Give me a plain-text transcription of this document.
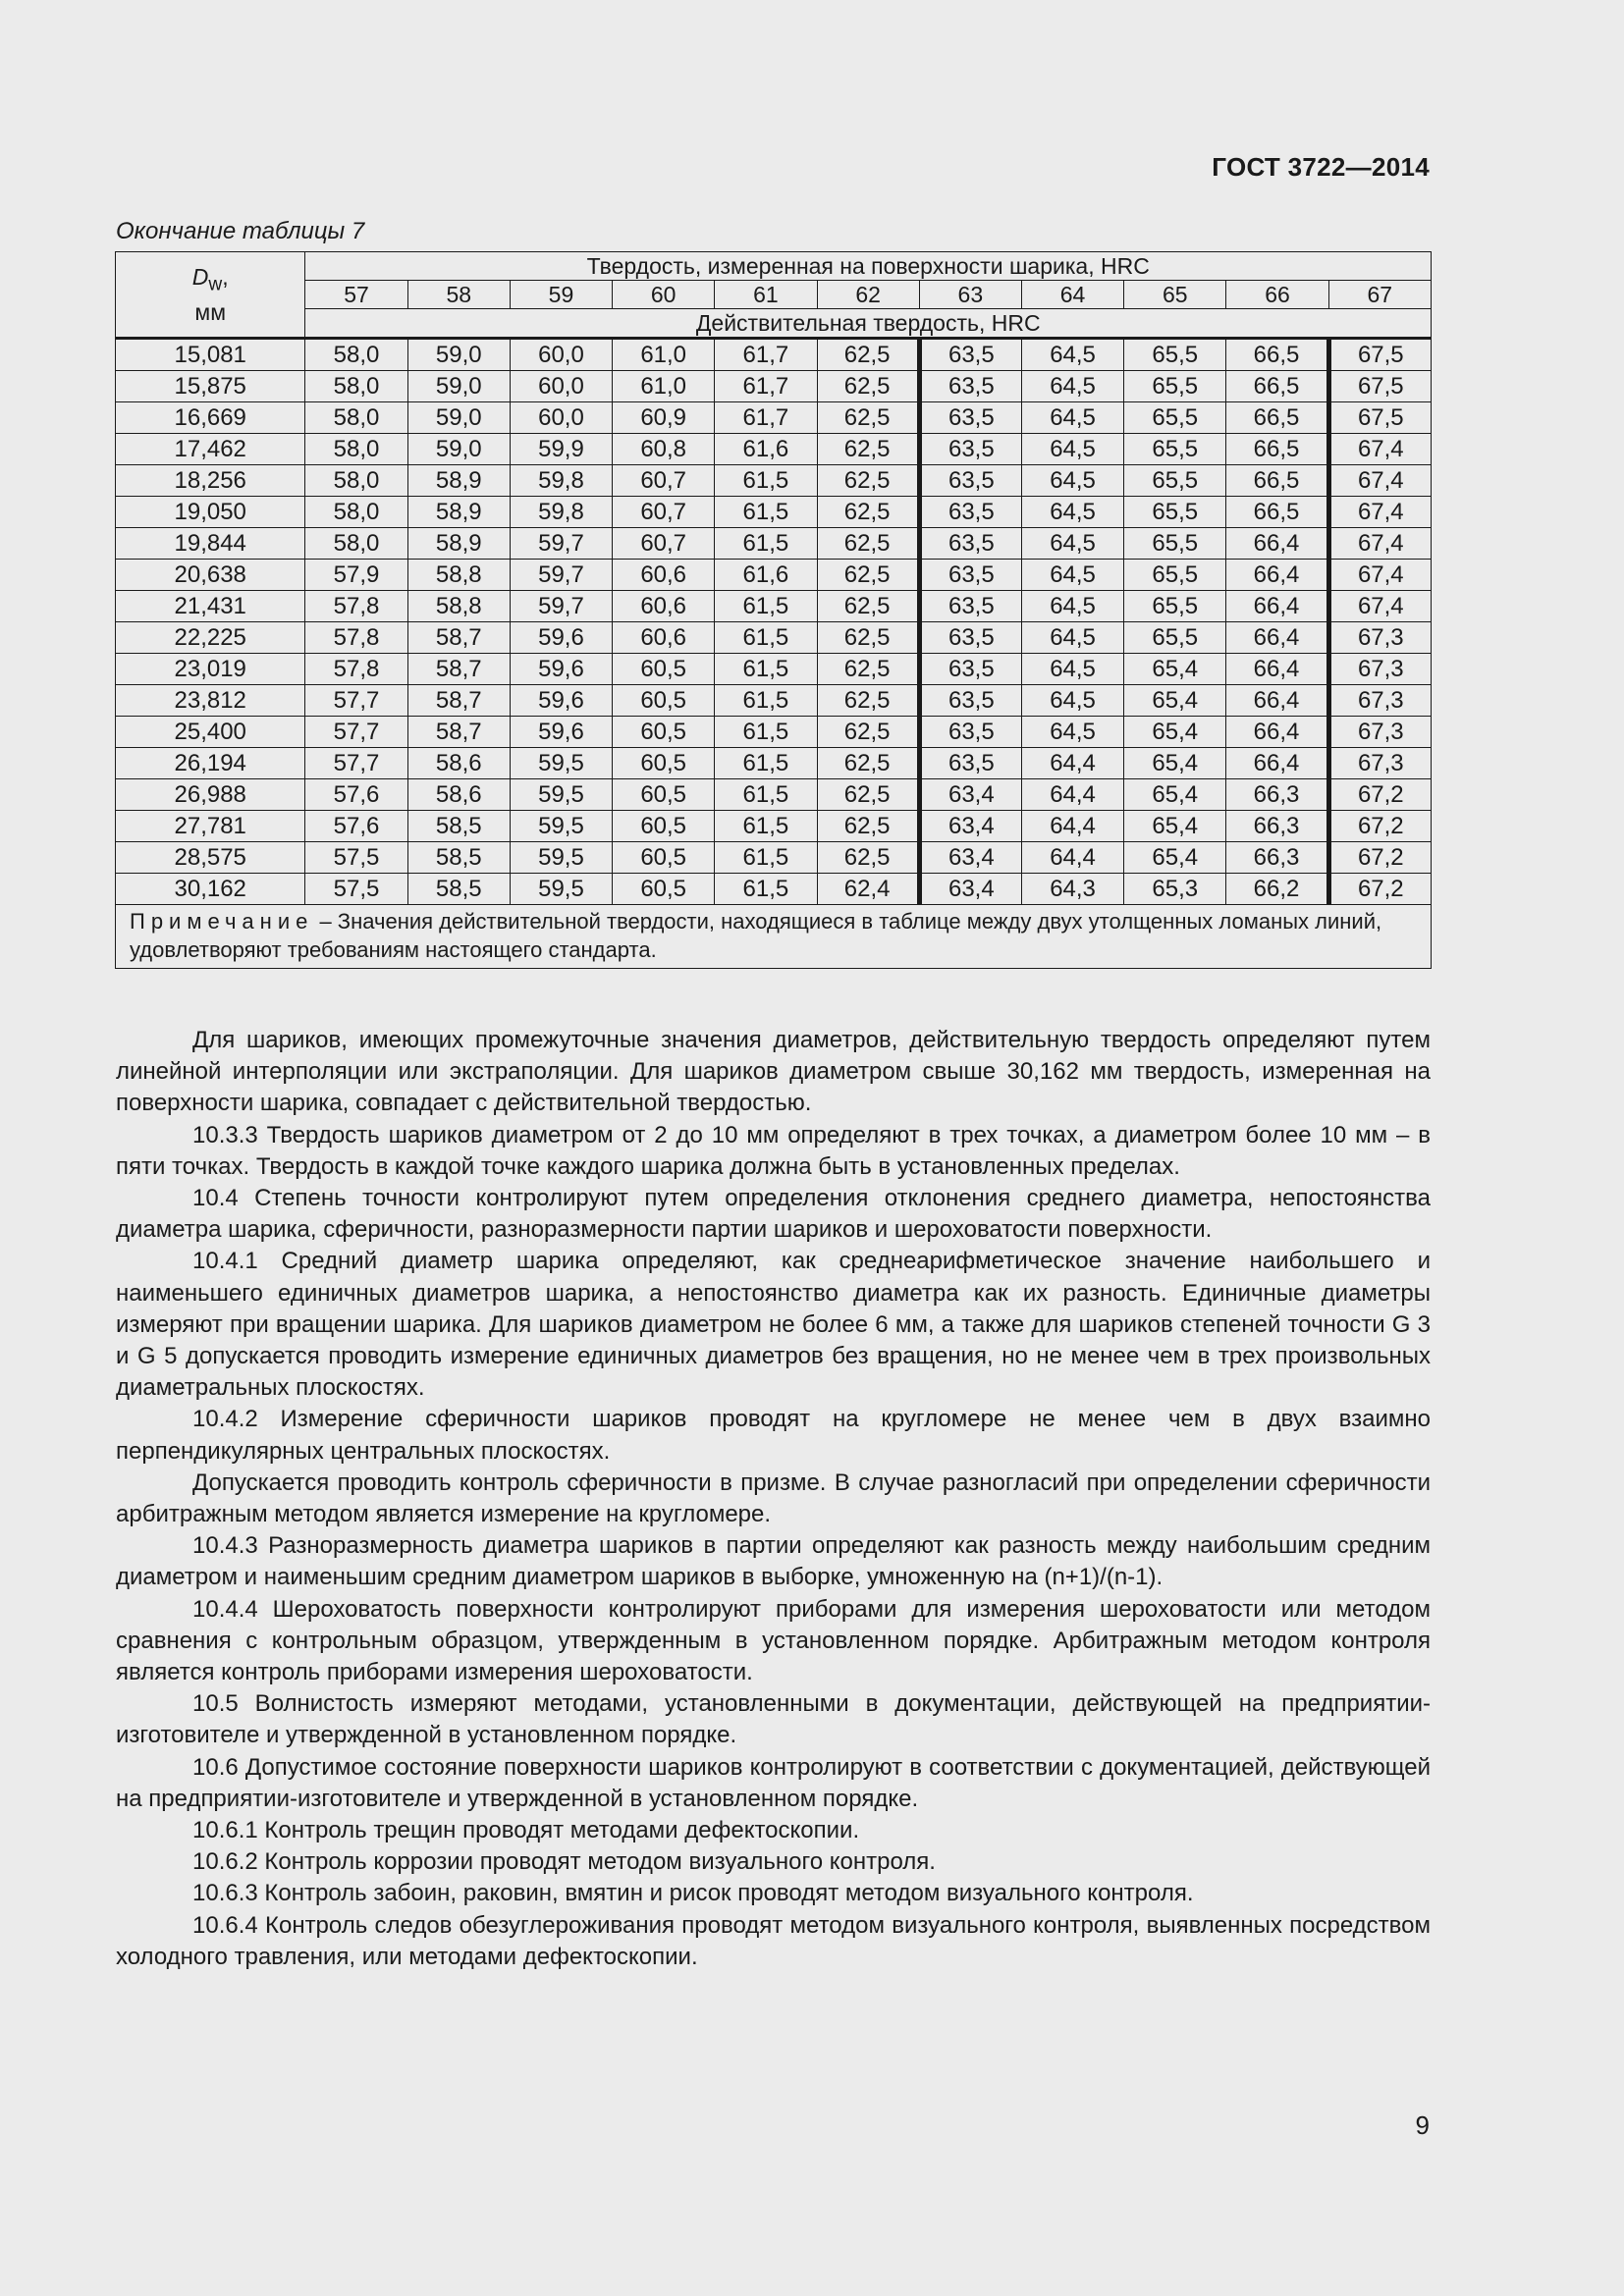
ГОСТ 3722—2014
Окончание таблицы 7
$D_w$,
мм	Твердость, измеренная на поверхности шарика, HRC										
	57	58	59	60	61	62	63	64	65	66	67
	Действительная твердость, HRC										
15,081	58,0	59,0	60,0	61,0	61,7	62,5	63,5	64,5	65,5	66,5	67,5
15,875	58,0	59,0	60,0	61,0	61,7	62,5	63,5	64,5	65,5	66,5	67,5
16,669	58,0	59,0	60,0	60,9	61,7	62,5	63,5	64,5	65,5	66,5	67,5
17,462	58,0	59,0	59,9	60,8	61,6	62,5	63,5	64,5	65,5	66,5	67,4
18,256	58,0	58,9	59,8	60,7	61,5	62,5	63,5	64,5	65,5	66,5	67,4
19,050	58,0	58,9	59,8	60,7	61,5	62,5	63,5	64,5	65,5	66,5	67,4
19,844	58,0	58,9	59,7	60,7	61,5	62,5	63,5	64,5	65,5	66,4	67,4
20,638	57,9	58,8	59,7	60,6	61,6	62,5	63,5	64,5	65,5	66,4	67,4
21,431	57,8	58,8	59,7	60,6	61,5	62,5	63,5	64,5	65,5	66,4	67,4
22,225	57,8	58,7	59,6	60,6	61,5	62,5	63,5	64,5	65,5	66,4	67,3
23,019	57,8	58,7	59,6	60,5	61,5	62,5	63,5	64,5	65,4	66,4	67,3
23,812	57,7	58,7	59,6	60,5	61,5	62,5	63,5	64,5	65,4	66,4	67,3
25,400	57,7	58,7	59,6	60,5	61,5	62,5	63,5	64,5	65,4	66,4	67,3
26,194	57,7	58,6	59,5	60,5	61,5	62,5	63,5	64,4	65,4	66,4	67,3
26,988	57,6	58,6	59,5	60,5	61,5	62,5	63,4	64,4	65,4	66,3	67,2
27,781	57,6	58,5	59,5	60,5	61,5	62,5	63,4	64,4	65,4	66,3	67,2
28,575	57,5	58,5	59,5	60,5	61,5	62,5	63,4	64,4	65,4	66,3	67,2
30,162	57,5	58,5	59,5	60,5	61,5	62,4	63,4	64,3	65,3	66,2	67,2
Примечание – Значения действительной твердости, находящиеся в таблице между двух утолщенных ломаных линий, удовлетворяют требованиям настоящего стандарта.											

Для шариков, имеющих промежуточные значения диаметров, действительную твердость определяют путем линейной интерполяции или экстраполяции. Для шариков диаметром свыше 30,162 мм твердость, измеренная на поверхности шарика, совпадает с действительной твердостью.

10.3.3 Твердость шариков диаметром от 2 до 10 мм определяют в трех точках, а диаметром более 10 мм – в пяти точках. Твердость в каждой точке каждого шарика должна быть в установленных пределах.

10.4 Степень точности контролируют путем определения отклонения среднего диаметра, непостоянства диаметра шарика, сферичности, разноразмерности партии шариков и шероховатости поверхности.

10.4.1 Средний диаметр шарика определяют, как среднеарифметическое значение наибольшего и наименьшего единичных диаметров шарика, а непостоянство диаметра как их разность. Единичные диаметры измеряют при вращении шарика. Для шариков диаметром не более 6 мм, а также для шариков степеней точности G 3 и G 5 допускается проводить измерение единичных диаметров без вращения, но не менее чем в трех произвольных диаметральных плоскостях.

10.4.2 Измерение сферичности шариков проводят на кругломере не менее чем в двух взаимно перпендикулярных центральных плоскостях.

Допускается проводить контроль сферичности в призме. В случае разногласий при определении сферичности арбитражным методом является измерение на кругломере.

10.4.3 Разноразмерность диаметра шариков в партии определяют как разность между наибольшим средним диаметром и наименьшим средним диаметром шариков в выборке, умноженную на (n+1)/(n-1).

10.4.4 Шероховатость поверхности контролируют приборами для измерения шероховатости или методом сравнения с контрольным образцом, утвержденным в установленном порядке. Арбитражным методом контроля является контроль приборами измерения шероховатости.

10.5 Волнистость измеряют методами, установленными в документации, действующей на предприятии-изготовителе и утвержденной в установленном порядке.

10.6 Допустимое состояние поверхности шариков контролируют в соответствии с документацией, действующей на предприятии-изготовителе и утвержденной в установленном порядке.

10.6.1 Контроль трещин проводят методами дефектоскопии.

10.6.2 Контроль коррозии проводят методом визуального контроля.

10.6.3 Контроль забоин, раковин, вмятин и рисок проводят методом визуального контроля.

10.6.4 Контроль следов обезуглероживания проводят методом визуального контроля, выявленных посредством холодного травления, или методами дефектоскопии.

9
